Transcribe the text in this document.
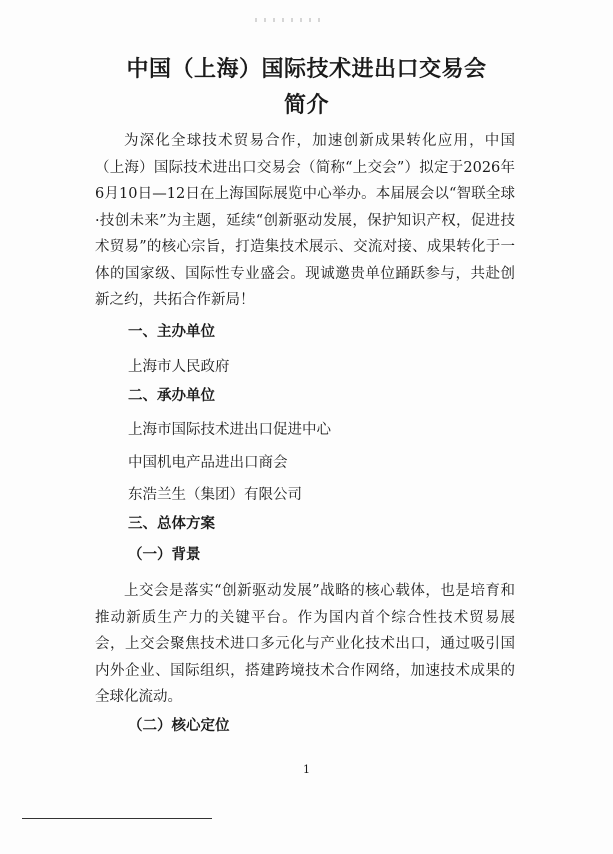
中国（上海）国际技术进出口交易会
简介

为深化全球技术贸易合作，加速创新成果转化应用，中国（上海）国际技术进出口交易会（简称“上交会”）拟定于2026年6月10日—12日在上海国际展览中心举办。本届展会以“智联全球·技创未来”为主题，延续“创新驱动发展，保护知识产权，促进技术贸易”的核心宗旨，打造集技术展示、交流对接、成果转化于一体的国家级、国际性专业盛会。现诚邀贵单位踊跃参与，共赴创新之约，共拓合作新局！

一、主办单位
上海市人民政府
二、承办单位
上海市国际技术进出口促进中心
中国机电产品进出口商会
东浩兰生（集团）有限公司
三、总体方案
（一）背景

上交会是落实“创新驱动发展”战略的核心载体，也是培育和推动新质生产力的关键平台。作为国内首个综合性技术贸易展会，上交会聚焦技术进口多元化与产业化技术出口，通过吸引国内外企业、国际组织，搭建跨境技术合作网络，加速技术成果的全球化流动。

（二）核心定位
1
